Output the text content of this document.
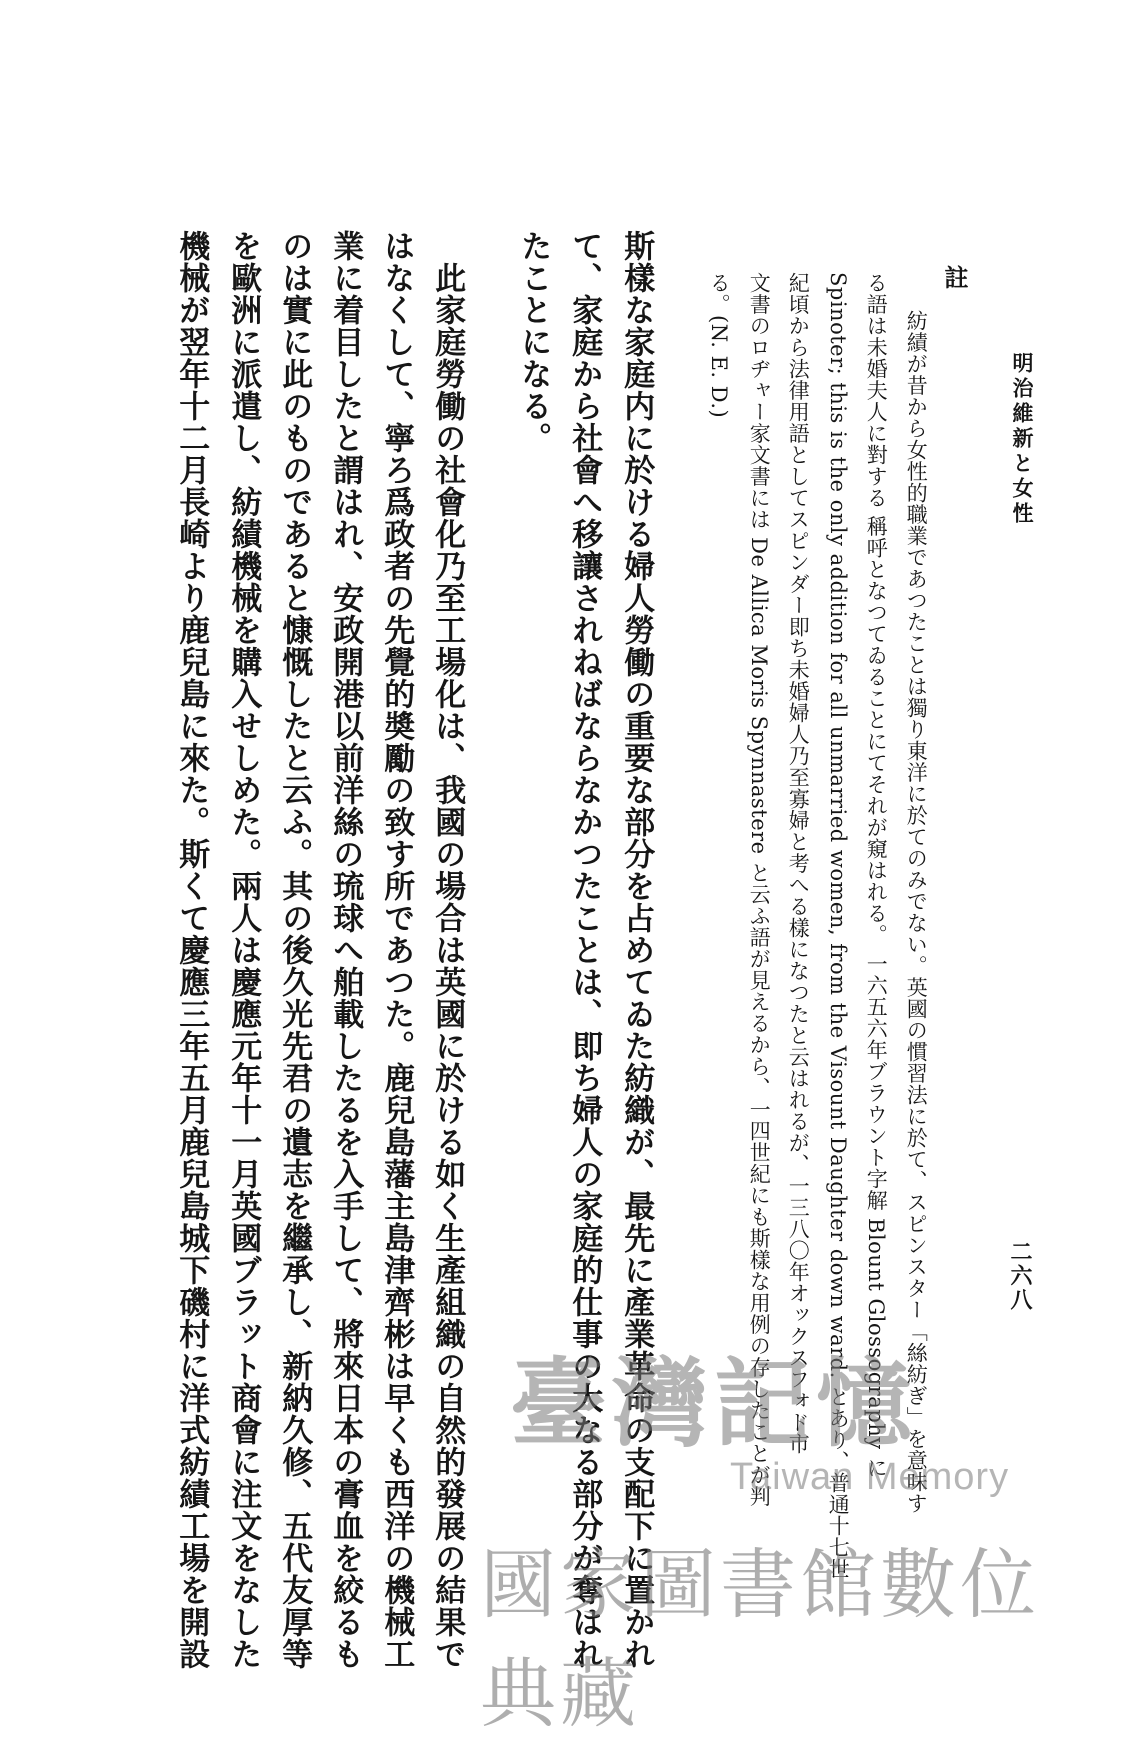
明治維新と女性
二六八
註
紡績が昔から女性的職業であつたことは獨り東洋に於てのみでない。英國の慣習法に於て、スピンスター「絲紡ぎ」を意味す
る語は未婚夫人に對する 稱呼となつてゐることにてそれが窺はれる。 一六五六年ブラウント字解 Blount Glossography に
Spinoter; this is the only addition for all unmarried women, from the Visount Daughter down ward. とあり、普通十七世
紀頃から法律用語としてスピンダー即ち未婚婦人乃至寡婦と考へる樣になつたと云はれるが、一三八〇年オックスフォド市
文書のロヂャー家文書には De Allica Moris Spynnastere と云ふ語が見えるから、一四世紀にも斯樣な用例の存したことが判
る。(N. E. D.)
斯樣な家庭内に於ける婦人勞働の重要な部分を占めてゐた紡織が、最先に產業革命の支配下に置かれ
て、家庭から社會へ移讓されねばならなかつたことは、即ち婦人の家庭的仕事の大なる部分が奪はれ
たことになる。
此家庭勞働の社會化乃至工場化は、我國の場合は英國に於ける如く生產組織の自然的發展の結果で
はなくして、寧ろ爲政者の先覺的奬勵の致す所であつた。鹿兒島藩主島津齊彬は早くも西洋の機械工
業に着目したと謂はれ、安政開港以前洋絲の琉球へ舶載したるを入手して、將來日本の膏血を絞るも
のは實に此のものであると慷慨したと云ふ。其の後久光先君の遺志を繼承し、新納久修、五代友厚等
を歐洲に派遣し、紡績機械を購入せしめた。兩人は慶應元年十一月英國ブラット商會に注文をなした
機械が翌年十二月長崎より鹿兒島に來た。斯くて慶應三年五月鹿兒島城下磯村に洋式紡績工場を開設	臺灣記憶
Taiwan Memory
國家圖書館數位典藏
